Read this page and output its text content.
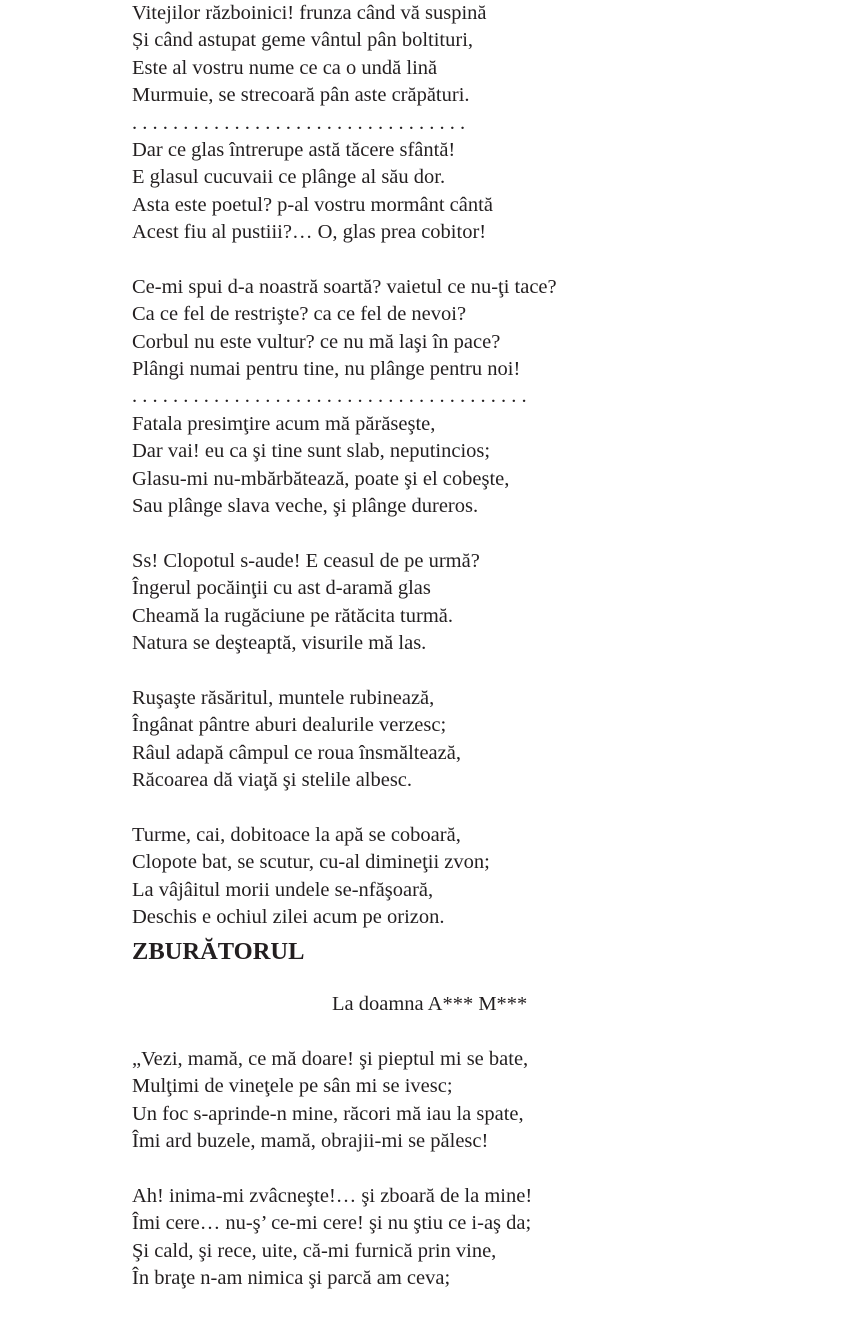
Vitejilor războinici! frunza când vă suspină
Și când astupat geme vântul pân boltituri,
Este al vostru nume ce ca o undă lină
Murmuie, se strecoară pân aste crăpături.
. . . . . . . . . . . . . . . . . . . . . . . . . . . . . . . . .
Dar ce glas întrerupe astă tăcere sfântă!
E glasul cucuvaii ce plânge al său dor.
Asta este poetul? p-al vostru mormânt cântă
Acest fiu al pustiii?… O, glas prea cobitor!
Ce-mi spui d-a noastră soartă? vaietul ce nu-ţi tace?
Ca ce fel de restrişte? ca ce fel de nevoi?
Corbul nu este vultur? ce nu mă laşi în pace?
Plângi numai pentru tine, nu plânge pentru noi!
. . . . . . . . . . . . . . . . . . . . . . . . . . . . . . . . . . . . . . .
Fatala presimţire acum mă părăseşte,
Dar vai! eu ca şi tine sunt slab, neputincios;
Glasu-mi nu-mbărbătează, poate şi el cobeşte,
Sau plânge slava veche, şi plânge dureros.
Ss! Clopotul s-aude! E ceasul de pe urmă?
Îngerul pocăinţii cu ast d-aramă glas
Cheamă la rugăciune pe rătăcita turmă.
Natura se deşteaptă, visurile mă las.
Ruşaşte răsăritul, muntele rubinează,
Îngânat pântre aburi dealurile verzesc;
Râul adapă câmpul ce roua însmăltează,
Răcoarea dă viaţă şi stelile albesc.
Turme, cai, dobitoace la apă se coboară,
Clopote bat, se scutur, cu-al dimineţii zvon;
La vâjâitul morii undele se-nfăşoară,
Deschis e ochiul zilei acum pe orizon.
ZBURĂTORUL
La doamna A*** M***
„Vezi, mamă, ce mă doare! şi pieptul mi se bate,
Mulţimi de vineţele pe sân mi se ivesc;
Un foc s-aprinde-n mine, răcori mă iau la spate,
Îmi ard buzele, mamă, obrajii-mi se pălesc!
Ah! inima-mi zvâcneşte!… şi zboară de la mine!
Îmi cere… nu-ş’ ce-mi cere! şi nu ştiu ce i-aş da;
Şi cald, şi rece, uite, că-mi furnică prin vine,
În braţe n-am nimica şi parcă am ceva;
